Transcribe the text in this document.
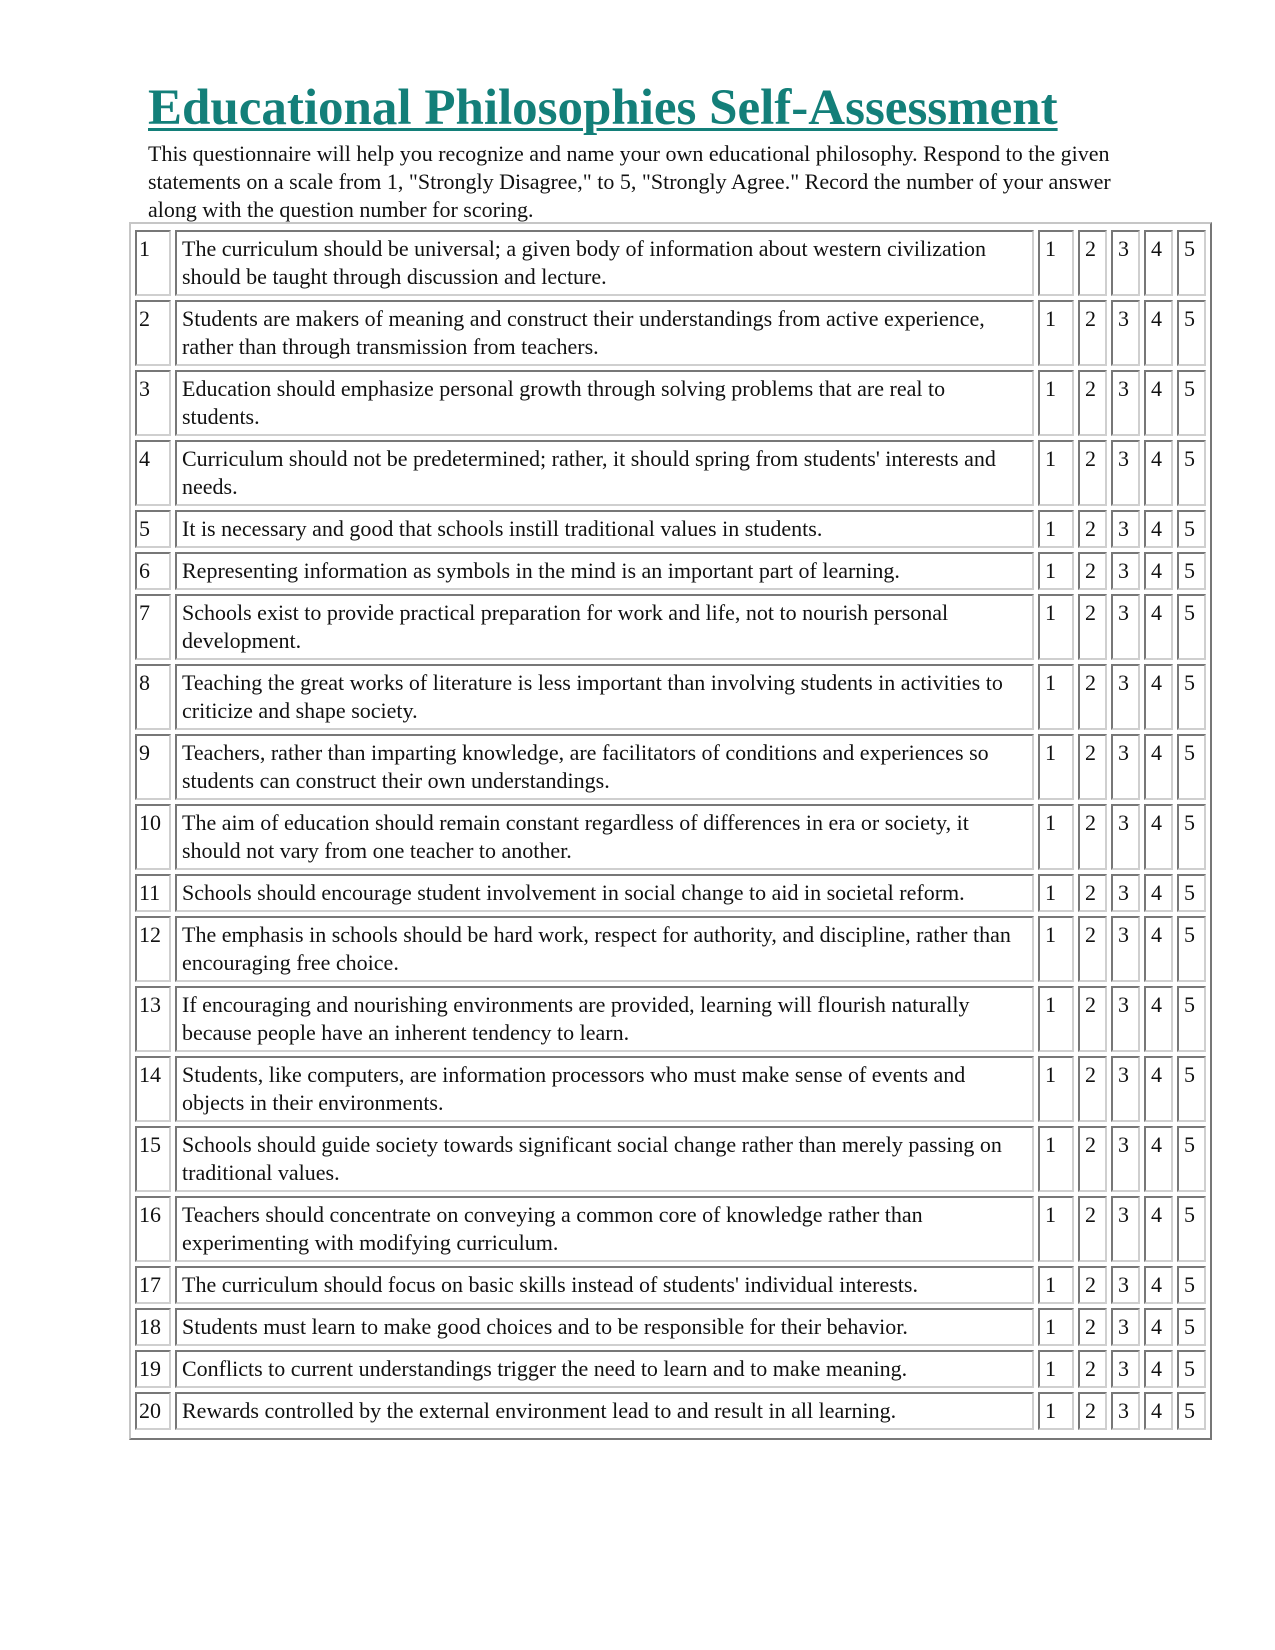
Educational Philosophies Self-Assessment

This questionnaire will help you recognize and name your own educational philosophy. Respond to the given statements on a scale from 1, "Strongly Disagree," to 5, "Strongly Agree." Record the number of your answer along with the question number for scoring.

1		The curriculum should be universal; a given body of information about western civilization should be taught through discussion and lecture.		1		2		3		4		5
2		Students are makers of meaning and construct their understandings from active experience, rather than through transmission from teachers.		1		2		3		4		5
3		Education should emphasize personal growth through solving problems that are real to students.		1		2		3		4		5
4		Curriculum should not be predetermined; rather, it should spring from students' interests and needs.		1		2		3		4		5
5		It is necessary and good that schools instill traditional values in students.		1		2		3		4		5
6		Representing information as symbols in the mind is an important part of learning.		1		2		3		4		5
7		Schools exist to provide practical preparation for work and life, not to nourish personal development.		1		2		3		4		5
8		Teaching the great works of literature is less important than involving students in activities to criticize and shape society.		1		2		3		4		5
9		Teachers, rather than imparting knowledge, are facilitators of conditions and experiences so students can construct their own understandings.		1		2		3		4		5
10		The aim of education should remain constant regardless of differences in era or society, it should not vary from one teacher to another.		1		2		3		4		5
11		Schools should encourage student involvement in social change to aid in societal reform.		1		2		3		4		5
12		The emphasis in schools should be hard work, respect for authority, and discipline, rather than encouraging free choice.		1		2		3		4		5
13		If encouraging and nourishing environments are provided, learning will flourish naturally because people have an inherent tendency to learn.		1		2		3		4		5
14		Students, like computers, are information processors who must make sense of events and objects in their environments.		1		2		3		4		5
15		Schools should guide society towards significant social change rather than merely passing on traditional values.		1		2		3		4		5
16		Teachers should concentrate on conveying a common core of knowledge rather than experimenting with modifying curriculum.		1		2		3		4		5
17		The curriculum should focus on basic skills instead of students' individual interests.		1		2		3		4		5
18		Students must learn to make good choices and to be responsible for their behavior.		1		2		3		4		5
19		Conflicts to current understandings trigger the need to learn and to make meaning.		1		2		3		4		5
20		Rewards controlled by the external environment lead to and result in all learning.		1		2		3		4		5
